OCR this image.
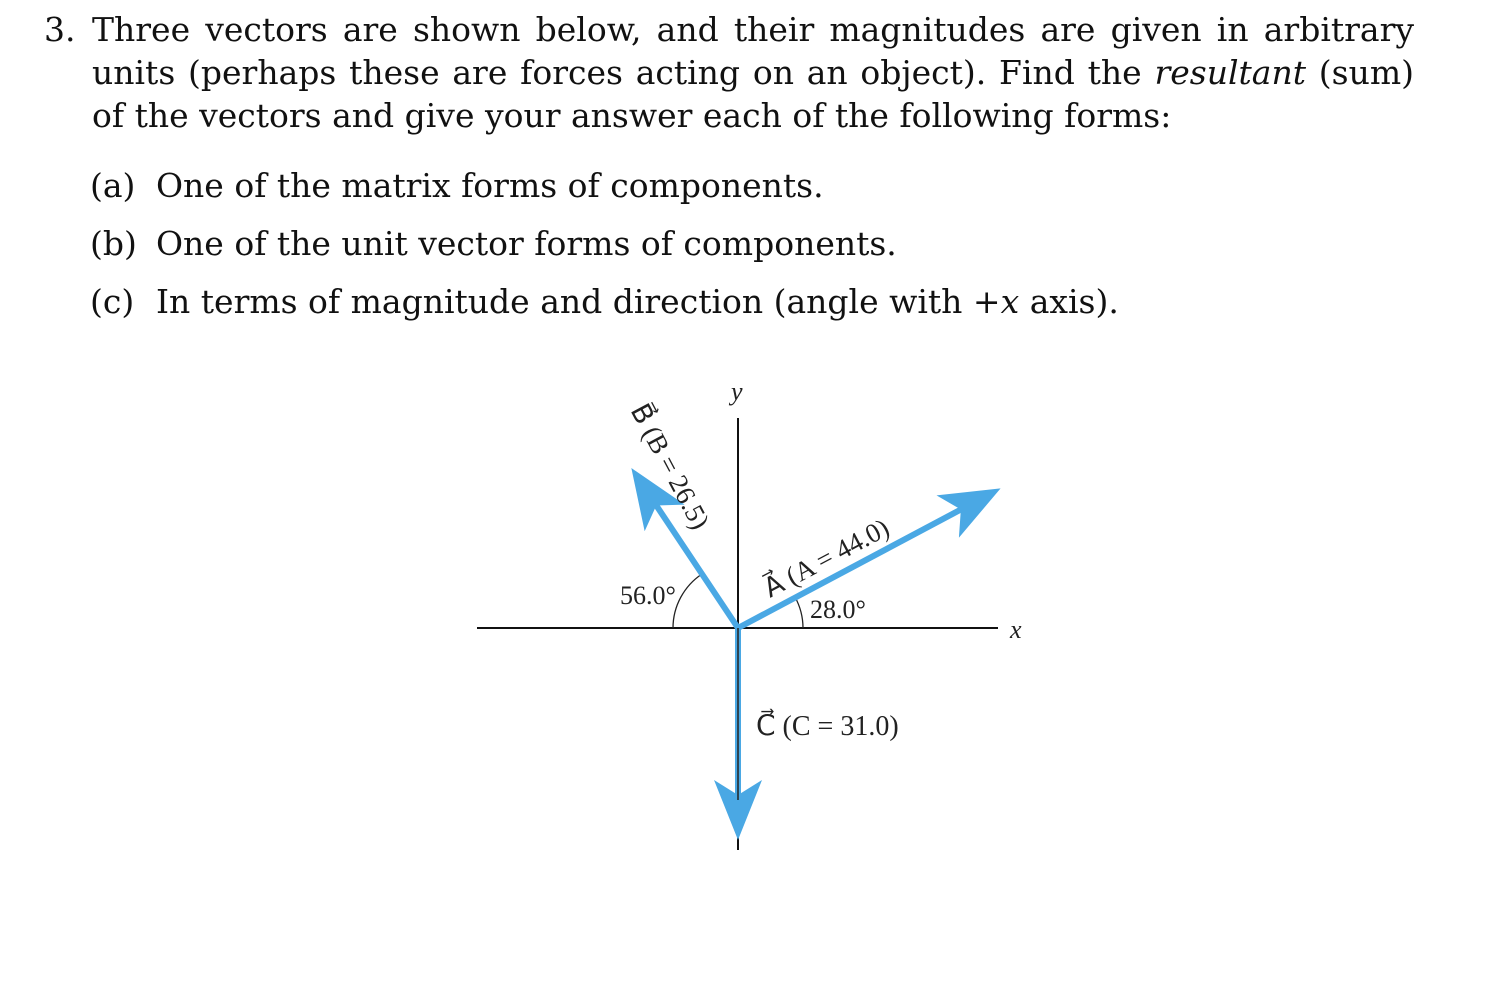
3. Three vectors are shown below, and their magnitudes are given in arbitrary units (perhaps these are forces acting on an object). Find the resultant (sum) of the vectors and give your answer each of the following forms:
(a) One of the matrix forms of components.
(b) One of the unit vector forms of components.
(c) In terms of magnitude and direction (angle with +x axis).
x
y
A⃗ (A = 44.0)
B⃗ (B = 26.5)
C⃗ (C = 31.0)
28.0°
56.0°
